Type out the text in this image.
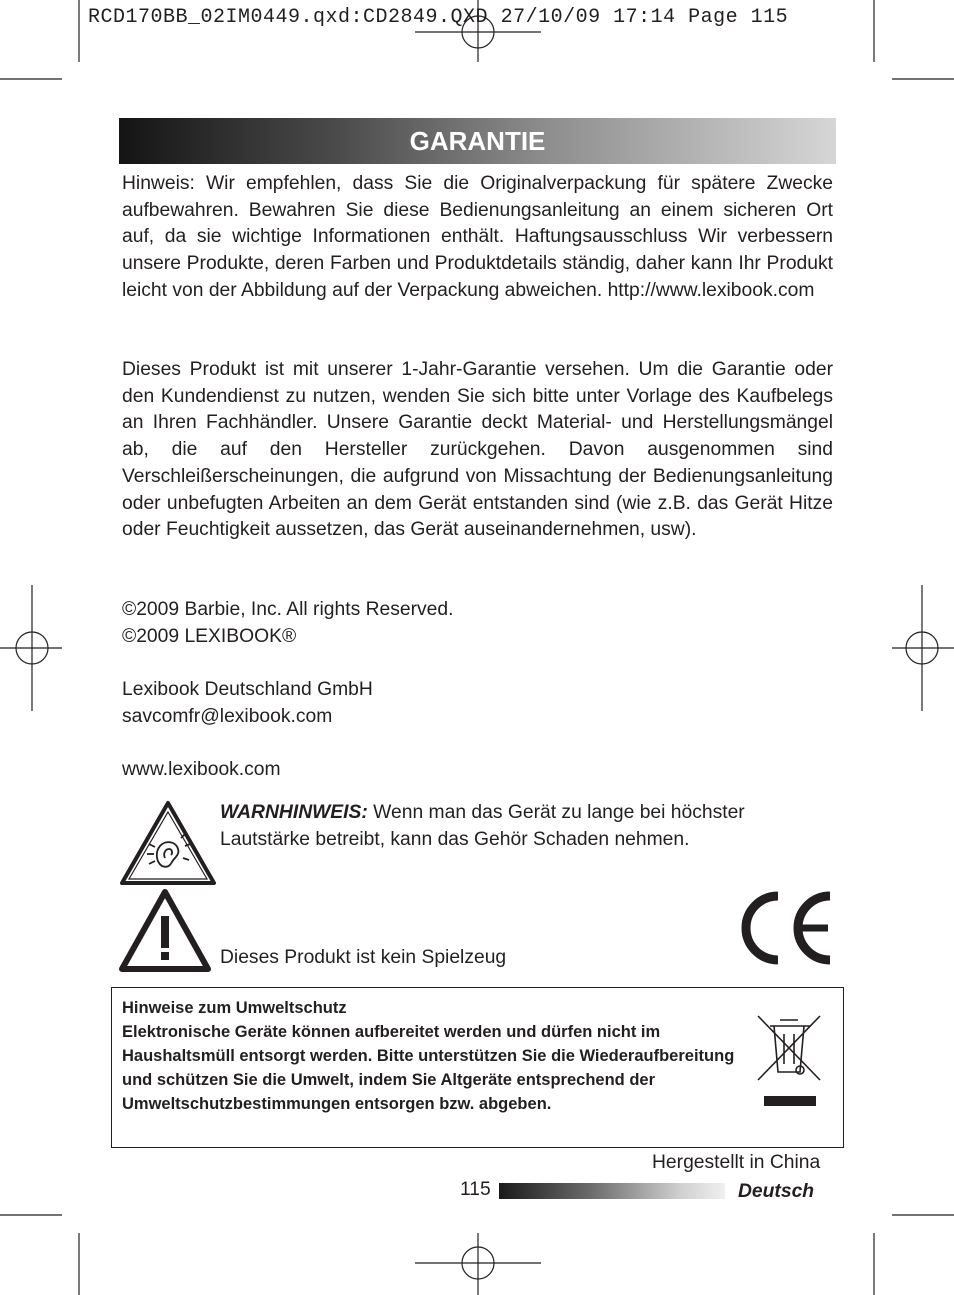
RCD170BB_02IM0449.qxd:CD2849.QXD 27/10/09 17:14 Page 115
GARANTIE
Hinweis: Wir empfehlen, dass Sie die Originalverpackung für spätere Zwecke aufbewahren. Bewahren Sie diese Bedienungsanleitung an einem sicheren Ort auf, da sie wichtige Informationen enthält. Haftungsausschluss Wir verbessern unsere Produkte, deren Farben und Produktdetails ständig, daher kann Ihr Produkt leicht von der Abbildung auf der Verpackung abweichen. http://www.lexibook.com
Dieses Produkt ist mit unserer 1-Jahr-Garantie versehen. Um die Garantie oder den Kundendienst zu nutzen, wenden Sie sich bitte unter Vorlage des Kaufbelegs an Ihren Fachhändler. Unsere Garantie deckt Material- und Herstellungsmängel ab, die auf den Hersteller zurückgehen. Davon ausgenommen sind Verschleißerscheinungen, die aufgrund von Missachtung der Bedienungsanleitung oder unbefugten Arbeiten an dem Gerät entstanden sind (wie z.B. das Gerät Hitze oder Feuchtigkeit aussetzen, das Gerät auseinandernehmen, usw).
©2009 Barbie, Inc. All rights Reserved.
©2009 LEXIBOOK®
Lexibook Deutschland GmbH
savcomfr@lexibook.com
www.lexibook.com
WARNHINWEIS: Wenn man das Gerät zu lange bei höchster Lautstärke betreibt, kann das Gehör Schaden nehmen.
Dieses Produkt ist kein Spielzeug
Hinweise zum Umweltschutz
Elektronische Geräte können aufbereitet werden und dürfen nicht im Haushaltsmüll entsorgt werden. Bitte unterstützen Sie die Wiederaufbereitung und schützen Sie die Umwelt, indem Sie Altgeräte entsprechend der Umweltschutzbestimmungen entsorgen bzw. abgeben.
Hergestellt in China
115	Deutsch
